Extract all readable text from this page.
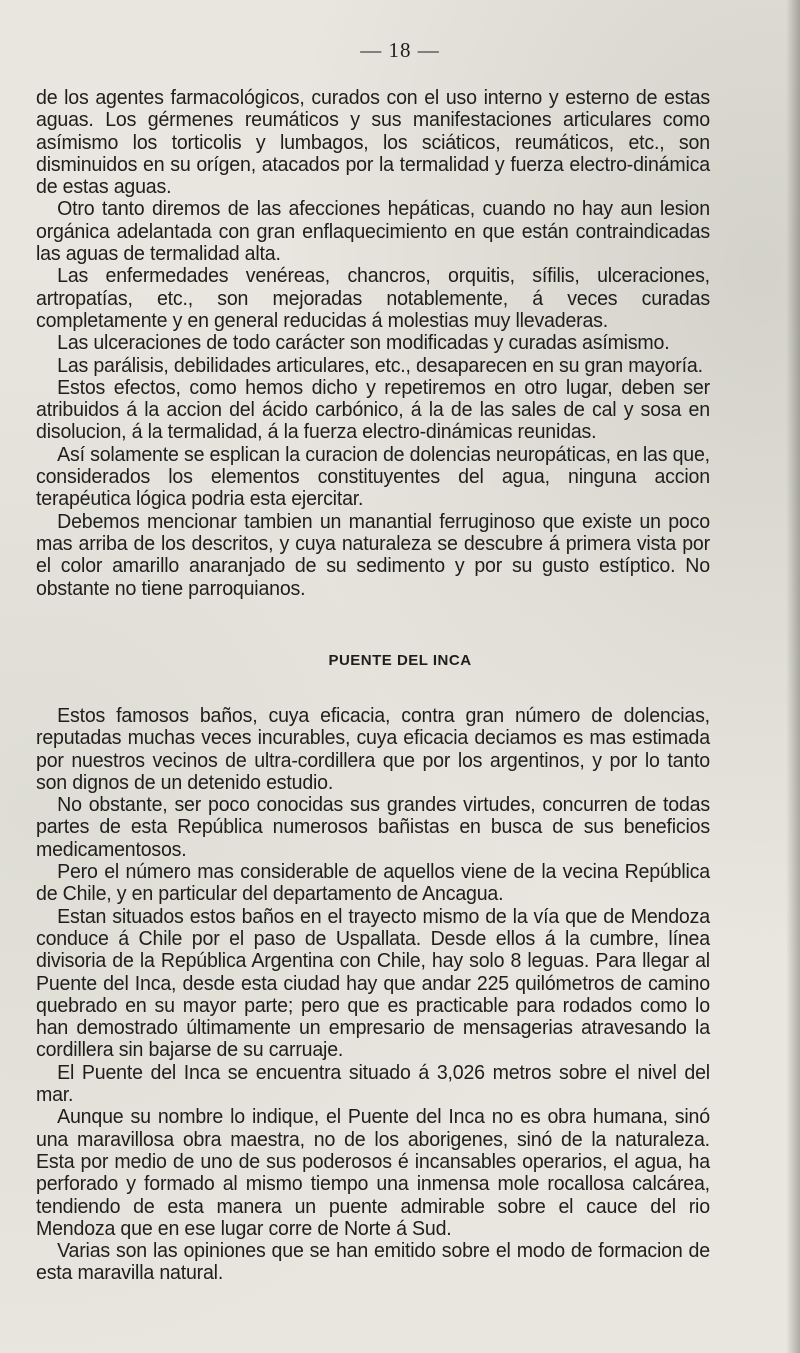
— 18 —

de los agentes farmacológicos, curados con el uso interno y esterno de estas aguas. Los gérmenes reumáticos y sus manifestaciones articulares como asímismo los torticolis y lumbagos, los sciáticos, reumáticos, etc., son disminuidos en su orígen, atacados por la termalidad y fuerza electro-dinámica de estas aguas.

Otro tanto diremos de las afecciones hepáticas, cuando no hay aun lesion orgánica adelantada con gran enflaquecimiento en que están contraindicadas las aguas de termalidad alta.

Las enfermedades venéreas, chancros, orquitis, sífilis, ulceraciones, artropatías, etc., son mejoradas notablemente, á veces curadas completamente y en general reducidas á molestias muy llevaderas.

Las ulceraciones de todo carácter son modificadas y curadas asímismo.

Las parálisis, debilidades articulares, etc., desaparecen en su gran mayoría.

Estos efectos, como hemos dicho y repetiremos en otro lugar, deben ser atribuidos á la accion del ácido carbónico, á la de las sales de cal y sosa en disolucion, á la termalidad, á la fuerza electro-dinámicas reunidas.

Así solamente se esplican la curacion de dolencias neuropáticas, en las que, considerados los elementos constituyentes del agua, ninguna accion terapéutica lógica podria esta ejercitar.

Debemos mencionar tambien un manantial ferruginoso que existe un poco mas arriba de los descritos, y cuya naturaleza se descubre á primera vista por el color amarillo anaranjado de su sedimento y por su gusto estíptico. No obstante no tiene parroquianos.

PUENTE DEL INCA

Estos famosos baños, cuya eficacia, contra gran número de dolencias, reputadas muchas veces incurables, cuya eficacia deciamos es mas estimada por nuestros vecinos de ultra-cordillera que por los argentinos, y por lo tanto son dignos de un detenido estudio.

No obstante, ser poco conocidas sus grandes virtudes, concurren de todas partes de esta República numerosos bañistas en busca de sus beneficios medicamentosos.

Pero el número mas considerable de aquellos viene de la vecina República de Chile, y en particular del departamento de Ancagua.

Estan situados estos baños en el trayecto mismo de la vía que de Mendoza conduce á Chile por el paso de Uspallata. Desde ellos á la cumbre, línea divisoria de la República Argentina con Chile, hay solo 8 leguas. Para llegar al Puente del Inca, desde esta ciudad hay que andar 225 quilómetros de camino quebrado en su mayor parte; pero que es practicable para rodados como lo han demostrado últimamente un empresario de mensagerias atravesando la cordillera sin bajarse de su carruaje.

El Puente del Inca se encuentra situado á 3,026 metros sobre el nivel del mar.

Aunque su nombre lo indique, el Puente del Inca no es obra humana, sinó una maravillosa obra maestra, no de los aborigenes, sinó de la naturaleza. Esta por medio de uno de sus poderosos é incansables operarios, el agua, ha perforado y formado al mismo tiempo una inmensa mole rocallosa calcárea, tendiendo de esta manera un puente admirable sobre el cauce del rio Mendoza que en ese lugar corre de Norte á Sud.

Varias son las opiniones que se han emitido sobre el modo de formacion de esta maravilla natural.
